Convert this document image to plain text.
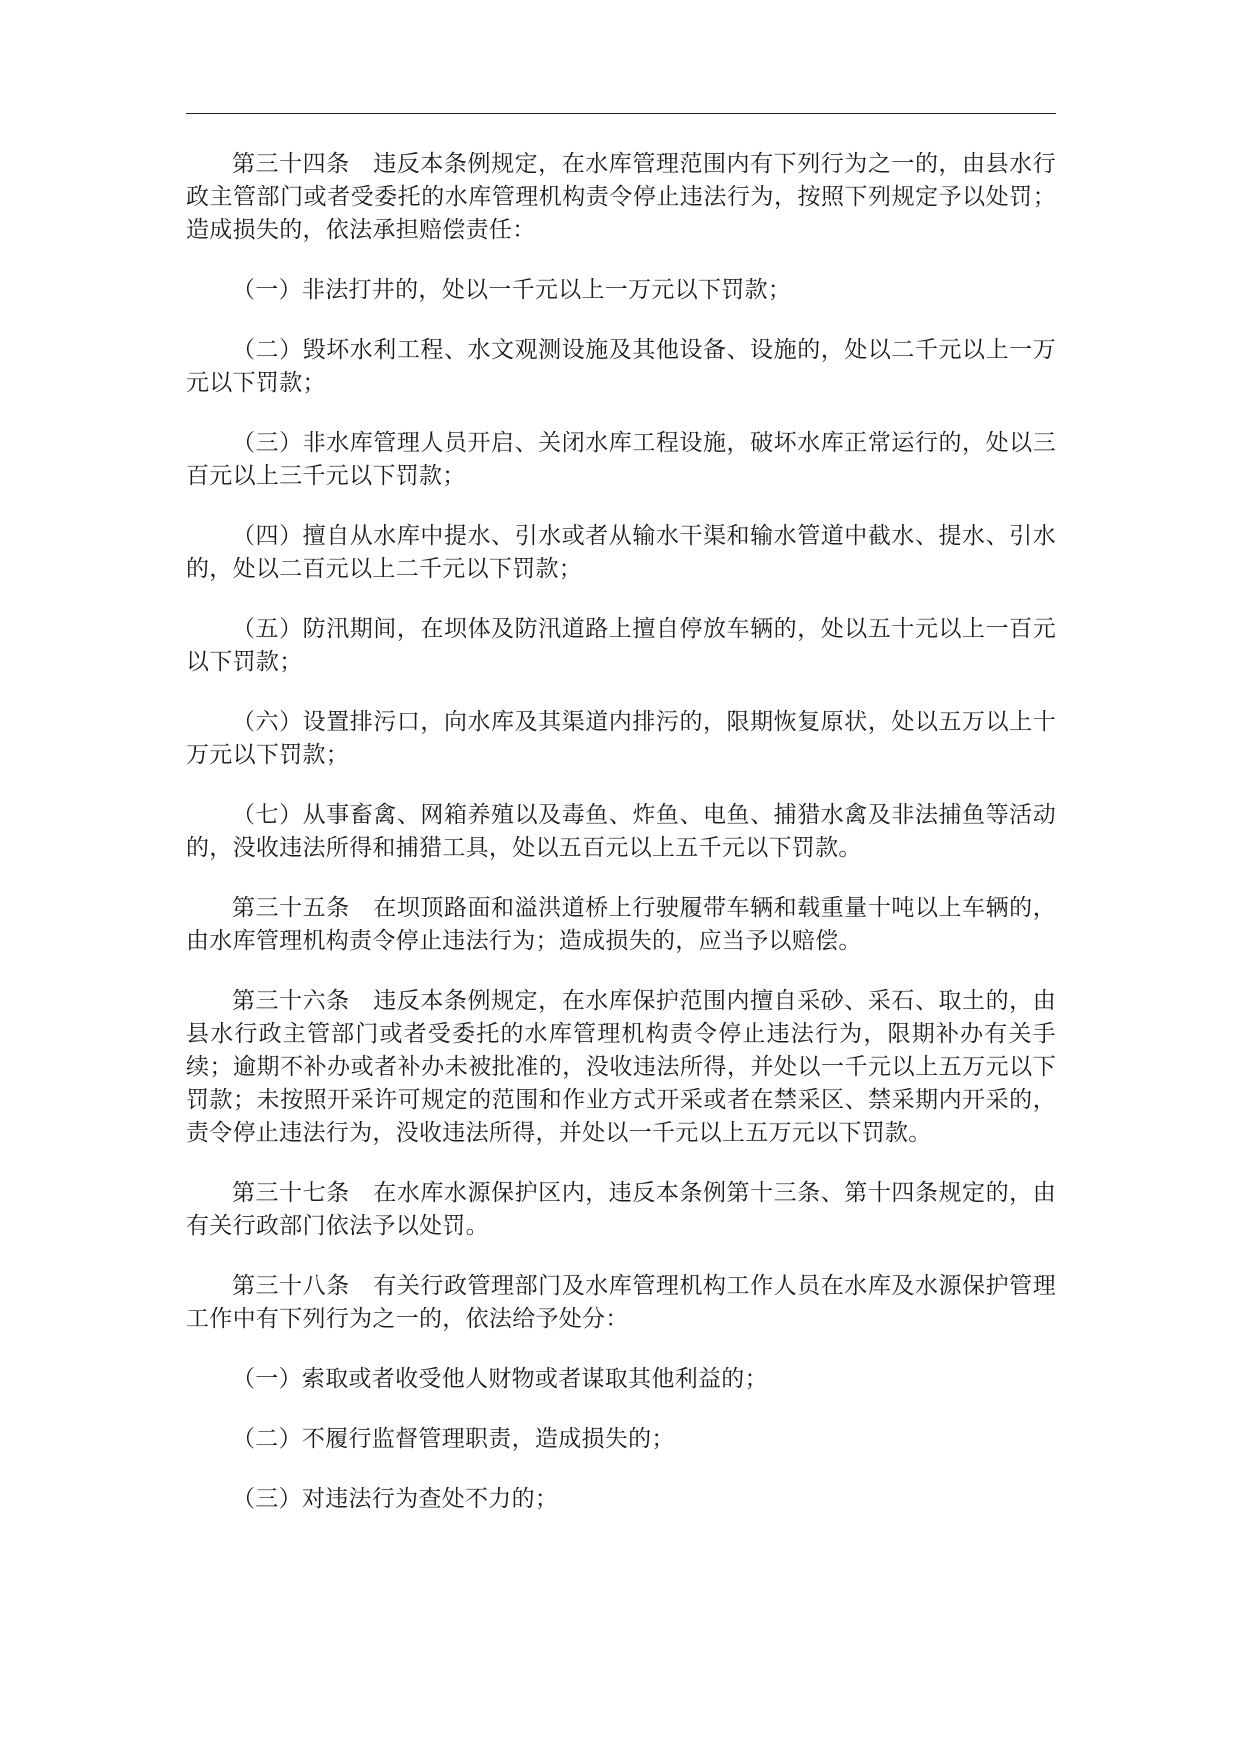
第三十四条　违反本条例规定，在水库管理范围内有下列行为之一的，由县水行政主管部门或者受委托的水库管理机构责令停止违法行为，按照下列规定予以处罚；造成损失的，依法承担赔偿责任：

（一）非法打井的，处以一千元以上一万元以下罚款；

（二）毁坏水利工程、水文观测设施及其他设备、设施的，处以二千元以上一万元以下罚款；

（三）非水库管理人员开启、关闭水库工程设施，破坏水库正常运行的，处以三百元以上三千元以下罚款；

（四）擅自从水库中提水、引水或者从输水干渠和输水管道中截水、提水、引水的，处以二百元以上二千元以下罚款；

（五）防汛期间，在坝体及防汛道路上擅自停放车辆的，处以五十元以上一百元以下罚款；

（六）设置排污口，向水库及其渠道内排污的，限期恢复原状，处以五万以上十万元以下罚款；

（七）从事畜禽、网箱养殖以及毒鱼、炸鱼、电鱼、捕猎水禽及非法捕鱼等活动的，没收违法所得和捕猎工具，处以五百元以上五千元以下罚款。

第三十五条　在坝顶路面和溢洪道桥上行驶履带车辆和载重量十吨以上车辆的，由水库管理机构责令停止违法行为；造成损失的，应当予以赔偿。

第三十六条　违反本条例规定，在水库保护范围内擅自采砂、采石、取土的，由县水行政主管部门或者受委托的水库管理机构责令停止违法行为，限期补办有关手续；逾期不补办或者补办未被批准的，没收违法所得，并处以一千元以上五万元以下罚款；未按照开采许可规定的范围和作业方式开采或者在禁采区、禁采期内开采的，责令停止违法行为，没收违法所得，并处以一千元以上五万元以下罚款。

第三十七条　在水库水源保护区内，违反本条例第十三条、第十四条规定的，由有关行政部门依法予以处罚。

第三十八条　有关行政管理部门及水库管理机构工作人员在水库及水源保护管理工作中有下列行为之一的，依法给予处分：

（一）索取或者收受他人财物或者谋取其他利益的；

（二）不履行监督管理职责，造成损失的；

（三）对违法行为查处不力的；
